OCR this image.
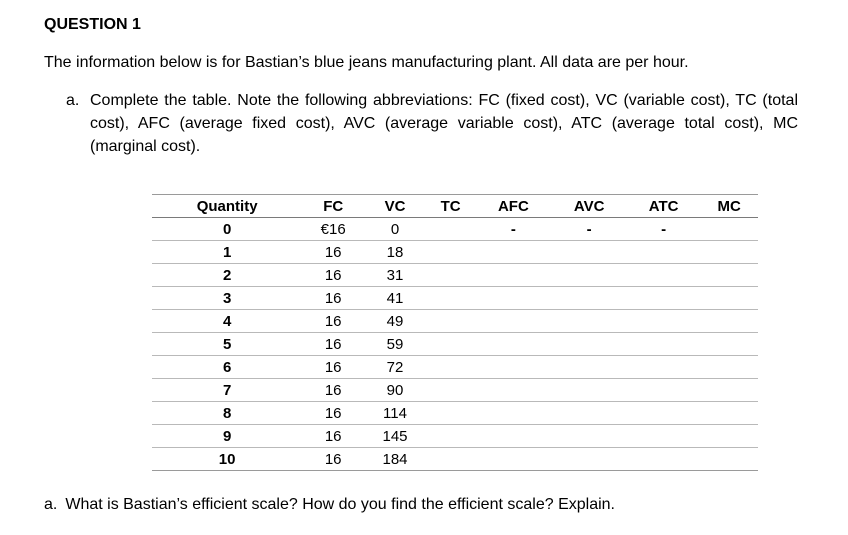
QUESTION 1
The information below is for Bastian’s blue jeans manufacturing plant. All data are per hour.
a. Complete the table. Note the following abbreviations: FC (fixed cost), VC (variable cost), TC (total cost), AFC (average fixed cost), AVC (average variable cost), ATC (average total cost), MC (marginal cost).
Quantity	FC	VC	TC	AFC	AVC	ATC	MC
0	€16	0		-	-	-	
1	16	18					
2	16	31					
3	16	41					
4	16	49					
5	16	59					
6	16	72					
7	16	90					
8	16	114					
9	16	145					
10	16	184					
a. What is Bastian’s efficient scale? How do you find the efficient scale? Explain.
